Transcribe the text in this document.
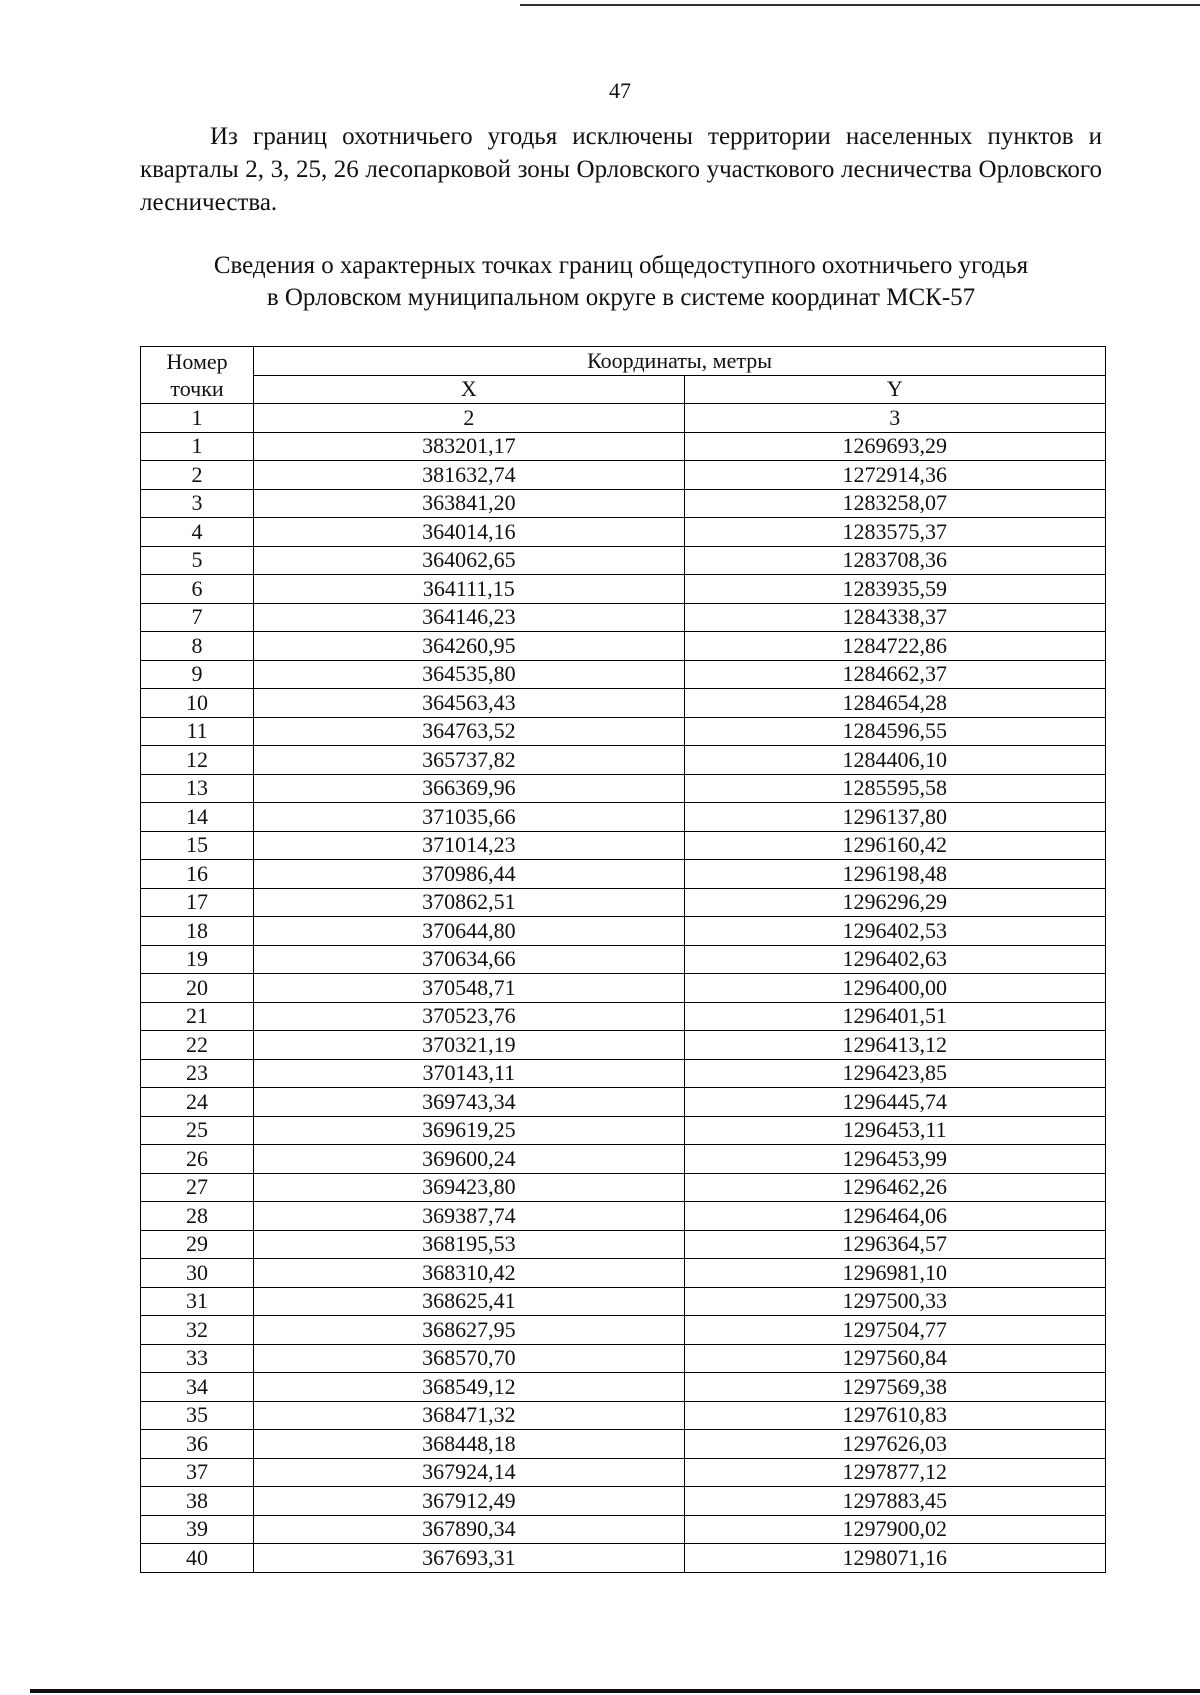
47

Из границ охотничьего угодья исключены территории населенных пунктов и кварталы 2, 3, 25, 26 лесопарковой зоны Орловского участкового лесничества Орловского лесничества.

Сведения о характерных точках границ общедоступного охотничьего угодья
в Орловском муниципальном округе в системе координат МСК-57
Номер
точки	Координаты, метры	
	X	Y
1	2	3
1	383201,17	1269693,29
2	381632,74	1272914,36
3	363841,20	1283258,07
4	364014,16	1283575,37
5	364062,65	1283708,36
6	364111,15	1283935,59
7	364146,23	1284338,37
8	364260,95	1284722,86
9	364535,80	1284662,37
10	364563,43	1284654,28
11	364763,52	1284596,55
12	365737,82	1284406,10
13	366369,96	1285595,58
14	371035,66	1296137,80
15	371014,23	1296160,42
16	370986,44	1296198,48
17	370862,51	1296296,29
18	370644,80	1296402,53
19	370634,66	1296402,63
20	370548,71	1296400,00
21	370523,76	1296401,51
22	370321,19	1296413,12
23	370143,11	1296423,85
24	369743,34	1296445,74
25	369619,25	1296453,11
26	369600,24	1296453,99
27	369423,80	1296462,26
28	369387,74	1296464,06
29	368195,53	1296364,57
30	368310,42	1296981,10
31	368625,41	1297500,33
32	368627,95	1297504,77
33	368570,70	1297560,84
34	368549,12	1297569,38
35	368471,32	1297610,83
36	368448,18	1297626,03
37	367924,14	1297877,12
38	367912,49	1297883,45
39	367890,34	1297900,02
40	367693,31	1298071,16
